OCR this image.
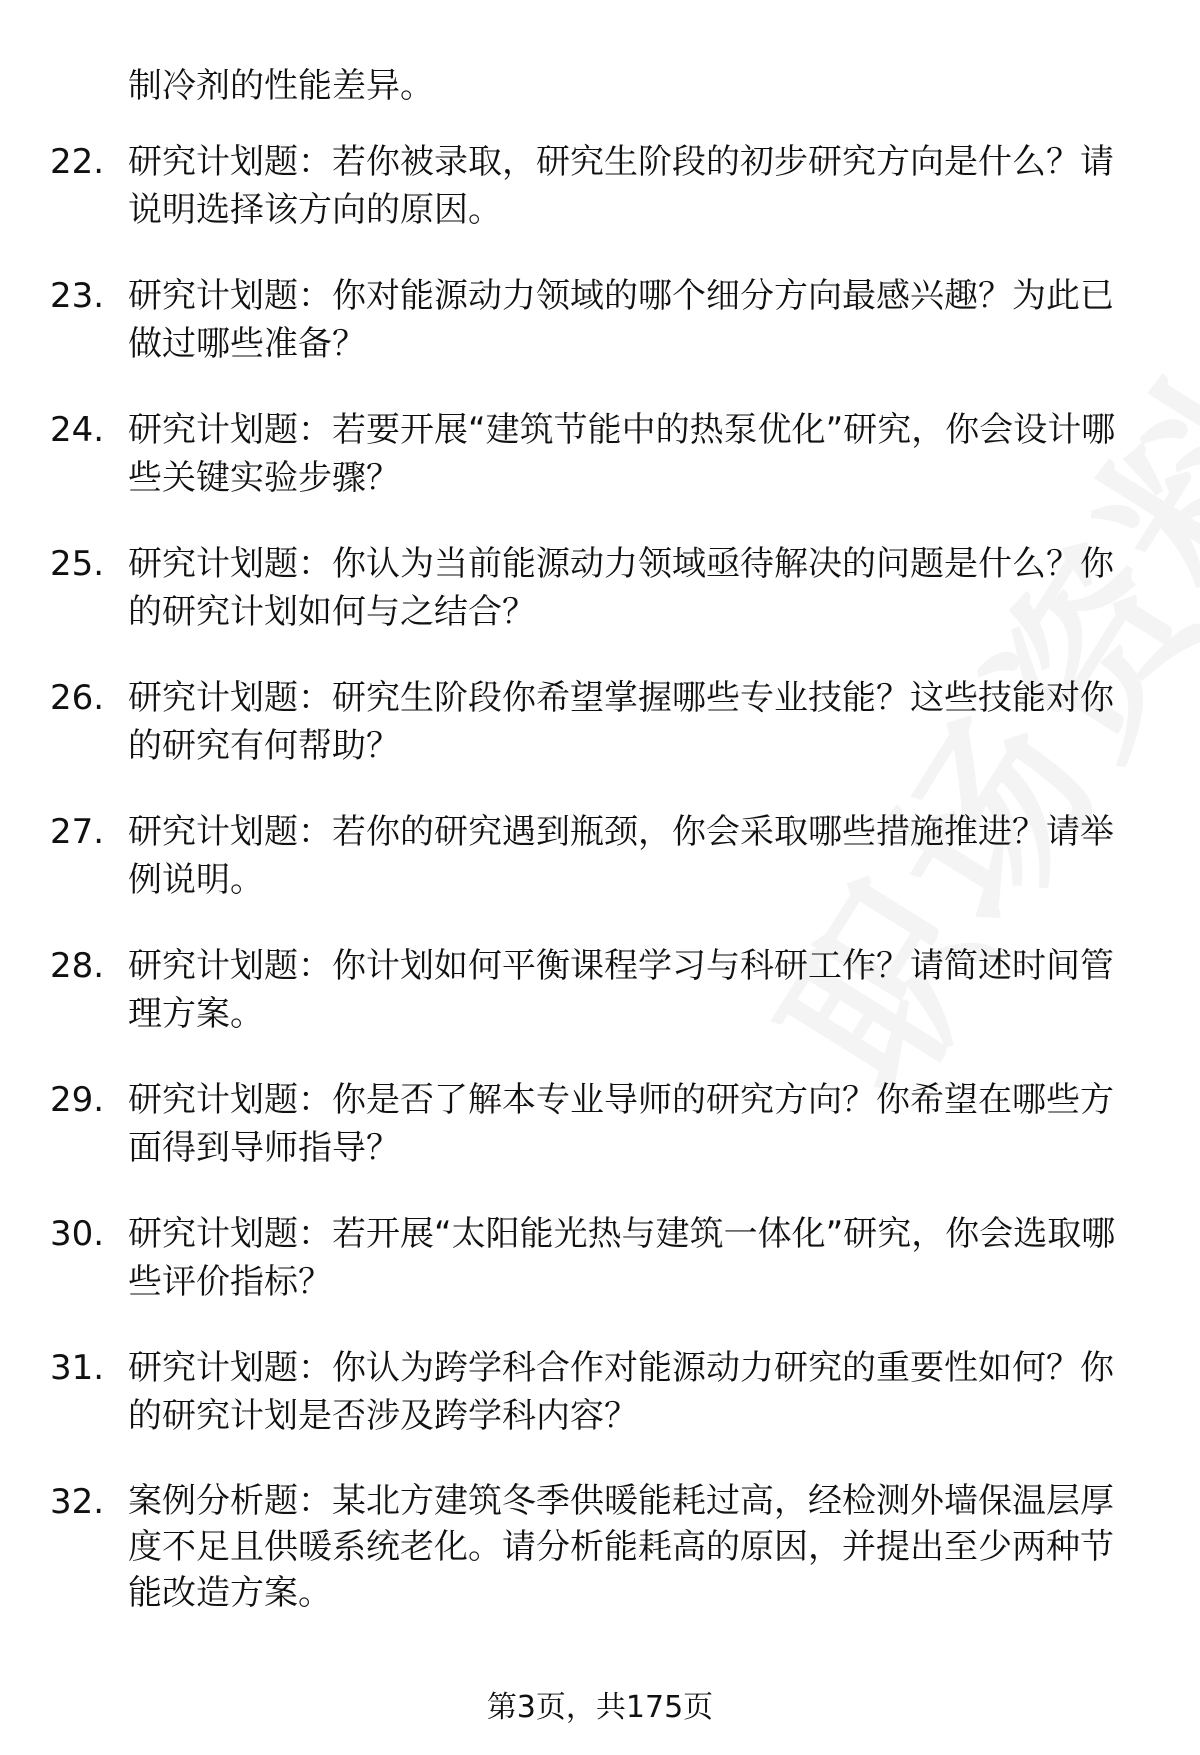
制冷剂的性能差异。
22. 研究计划题：若你被录取，研究生阶段的初步研究方向是什么？请说明选择该方向的原因。
23. 研究计划题：你对能源动力领域的哪个细分方向最感兴趣？为此已做过哪些准备？
24. 研究计划题：若要开展“建筑节能中的热泵优化”研究，你会设计哪些关键实验步骤？
25. 研究计划题：你认为当前能源动力领域亟待解决的问题是什么？你的研究计划如何与之结合？
26. 研究计划题：研究生阶段你希望掌握哪些专业技能？这些技能对你的研究有何帮助？
27. 研究计划题：若你的研究遇到瓶颈，你会采取哪些措施推进？请举例说明。
28. 研究计划题：你计划如何平衡课程学习与科研工作？请简述时间管理方案。
29. 研究计划题：你是否了解本专业导师的研究方向？你希望在哪些方面得到导师指导？
30. 研究计划题：若开展“太阳能光热与建筑一体化”研究，你会选取哪些评价指标？
31. 研究计划题：你认为跨学科合作对能源动力研究的重要性如何？你的研究计划是否涉及跨学科内容？
32. 案例分析题：某北方建筑冬季供暖能耗过高，经检测外墙保温层厚度不足且供暖系统老化。请分析能耗高的原因，并提出至少两种节能改造方案。
第3页，共175页
